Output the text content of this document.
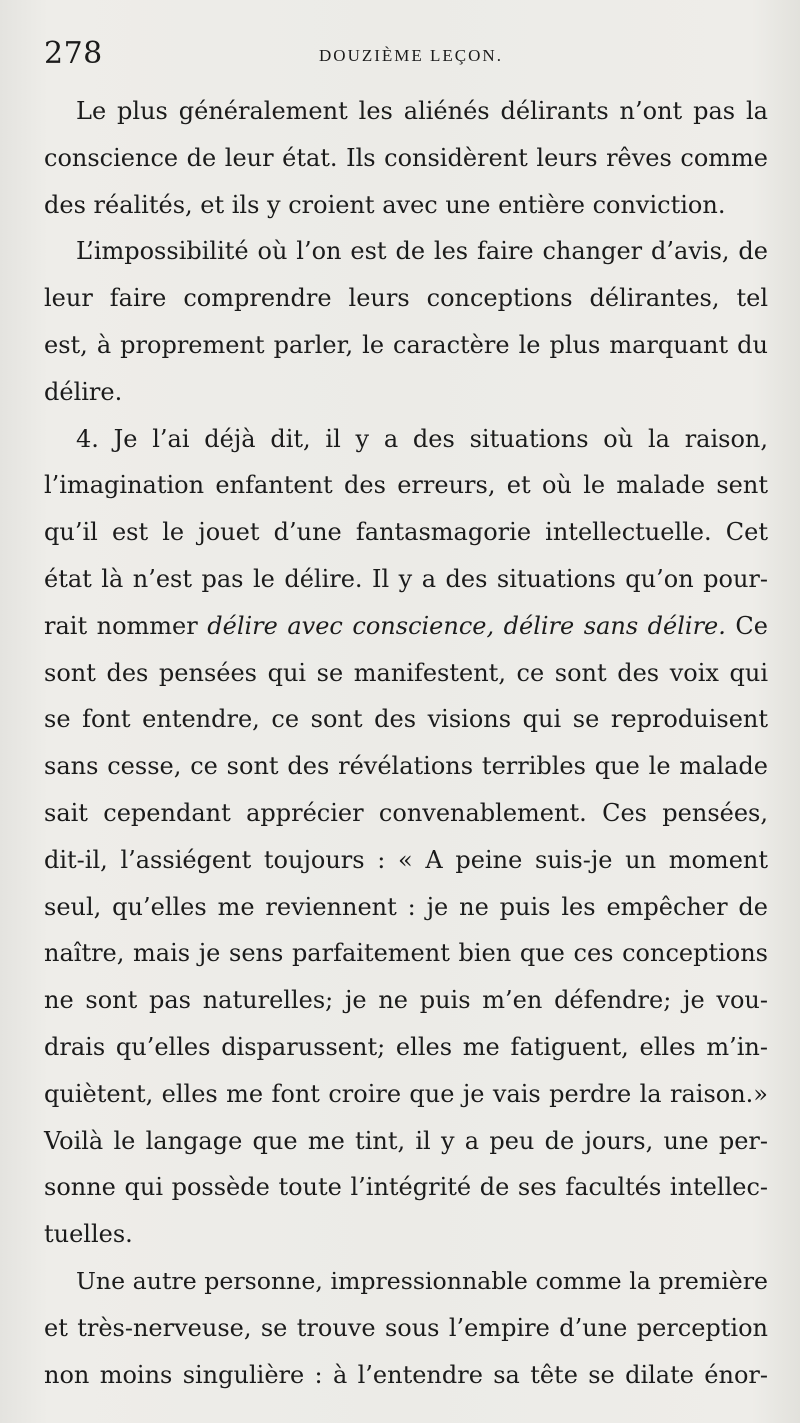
278	DOUZIÈME LEÇON.
Le plus généralement les aliénés délirants n’ont pas la
conscience de leur état. Ils considèrent leurs rêves comme
des réalités, et ils y croient avec une entière conviction.
L’impossibilité où l’on est de les faire changer d’avis, de
leur faire comprendre leurs conceptions délirantes, tel
est, à proprement parler, le caractère le plus marquant du
délire.
4. Je l’ai déjà dit, il y a des situations où la raison,
l’imagination enfantent des erreurs, et où le malade sent
qu’il est le jouet d’une fantasmagorie intellectuelle. Cet
état là n’est pas le délire. Il y a des situations qu’on pour-
rait nommer délire avec conscience, délire sans délire. Ce
sont des pensées qui se manifestent, ce sont des voix qui
se font entendre, ce sont des visions qui se reproduisent
sans cesse, ce sont des révélations terribles que le malade
sait cependant apprécier convenablement. Ces pensées,
dit-il, l’assiégent toujours : « A peine suis-je un moment
seul, qu’elles me reviennent : je ne puis les empêcher de
naître, mais je sens parfaitement bien que ces conceptions
ne sont pas naturelles; je ne puis m’en défendre; je vou-
drais qu’elles disparussent; elles me fatiguent, elles m’in-
quiètent, elles me font croire que je vais perdre la raison.»
Voilà le langage que me tint, il y a peu de jours, une per-
sonne qui possède toute l’intégrité de ses facultés intellec-
tuelles.
Une autre personne, impressionnable comme la première
et très-nerveuse, se trouve sous l’empire d’une perception
non moins singulière : à l’entendre sa tête se dilate énor-
